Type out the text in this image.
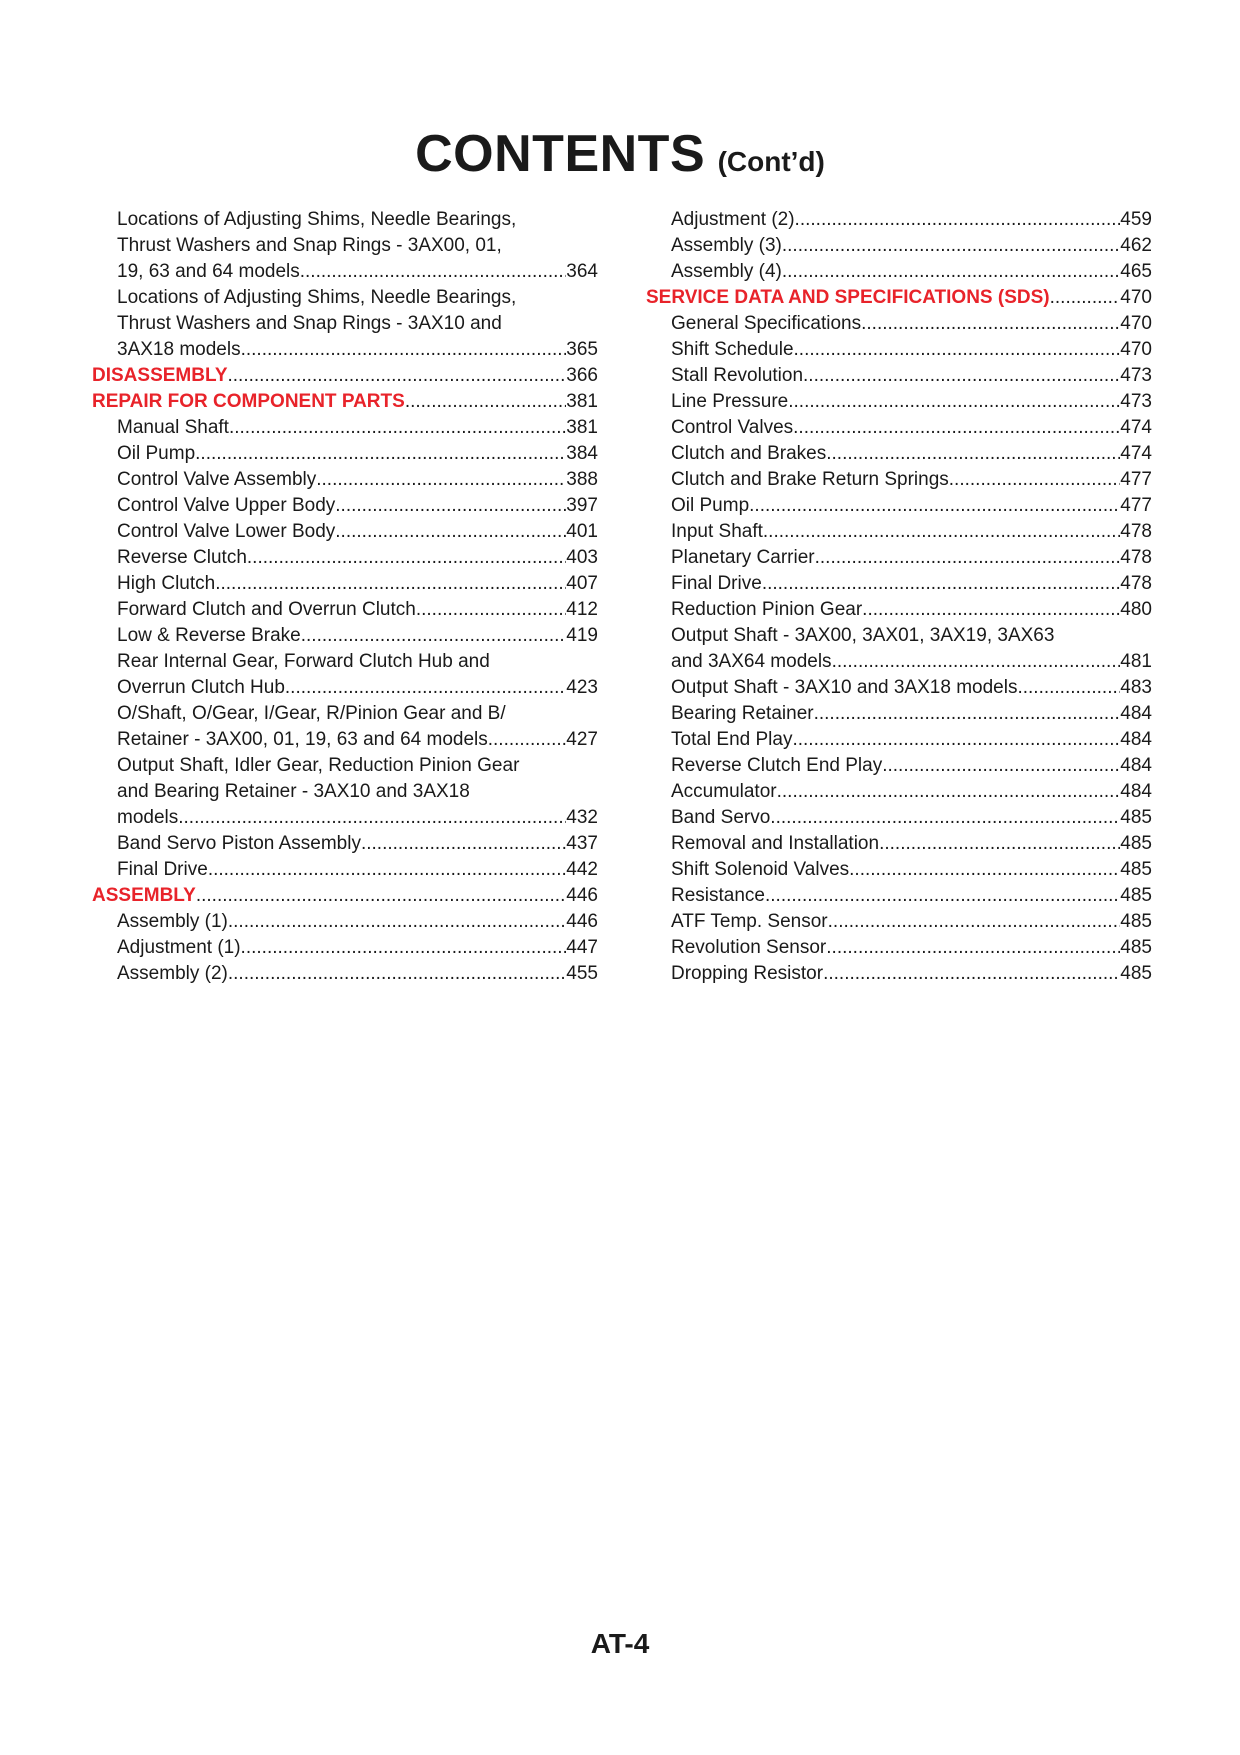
CONTENTS (Cont’d)
Locations of Adjusting Shims, Needle Bearings,
Thrust Washers and Snap Rings - 3AX00, 01,
19, 63 and 64 models .....	364
Locations of Adjusting Shims, Needle Bearings,
Thrust Washers and Snap Rings - 3AX10 and
3AX18 models .....	365
DISASSEMBLY .....	366
REPAIR FOR COMPONENT PARTS .....	381
Manual Shaft .....	381
Oil Pump .....	384
Control Valve Assembly .....	388
Control Valve Upper Body .....	397
Control Valve Lower Body .....	401
Reverse Clutch .....	403
High Clutch .....	407
Forward Clutch and Overrun Clutch .....	412
Low & Reverse Brake .....	419
Rear Internal Gear, Forward Clutch Hub and
Overrun Clutch Hub .....	423
O/Shaft, O/Gear, I/Gear, R/Pinion Gear and B/
Retainer - 3AX00, 01, 19, 63 and 64 models .....	427
Output Shaft, Idler Gear, Reduction Pinion Gear
and Bearing Retainer - 3AX10 and 3AX18
models .....	432
Band Servo Piston Assembly .....	437
Final Drive .....	442
ASSEMBLY .....	446
Assembly (1) .....	446
Adjustment (1) .....	447
Assembly (2) .....	455
Adjustment (2) .....	459
Assembly (3) .....	462
Assembly (4) .....	465
SERVICE DATA AND SPECIFICATIONS (SDS) .....	470
General Specifications .....	470
Shift Schedule .....	470
Stall Revolution .....	473
Line Pressure .....	473
Control Valves .....	474
Clutch and Brakes .....	474
Clutch and Brake Return Springs .....	477
Oil Pump .....	477
Input Shaft .....	478
Planetary Carrier .....	478
Final Drive .....	478
Reduction Pinion Gear .....	480
Output Shaft - 3AX00, 3AX01, 3AX19, 3AX63
and 3AX64 models .....	481
Output Shaft - 3AX10 and 3AX18 models .....	483
Bearing Retainer .....	484
Total End Play .....	484
Reverse Clutch End Play .....	484
Accumulator .....	484
Band Servo .....	485
Removal and Installation .....	485
Shift Solenoid Valves .....	485
Resistance .....	485
ATF Temp. Sensor .....	485
Revolution Sensor .....	485
Dropping Resistor .....	485
AT-4
